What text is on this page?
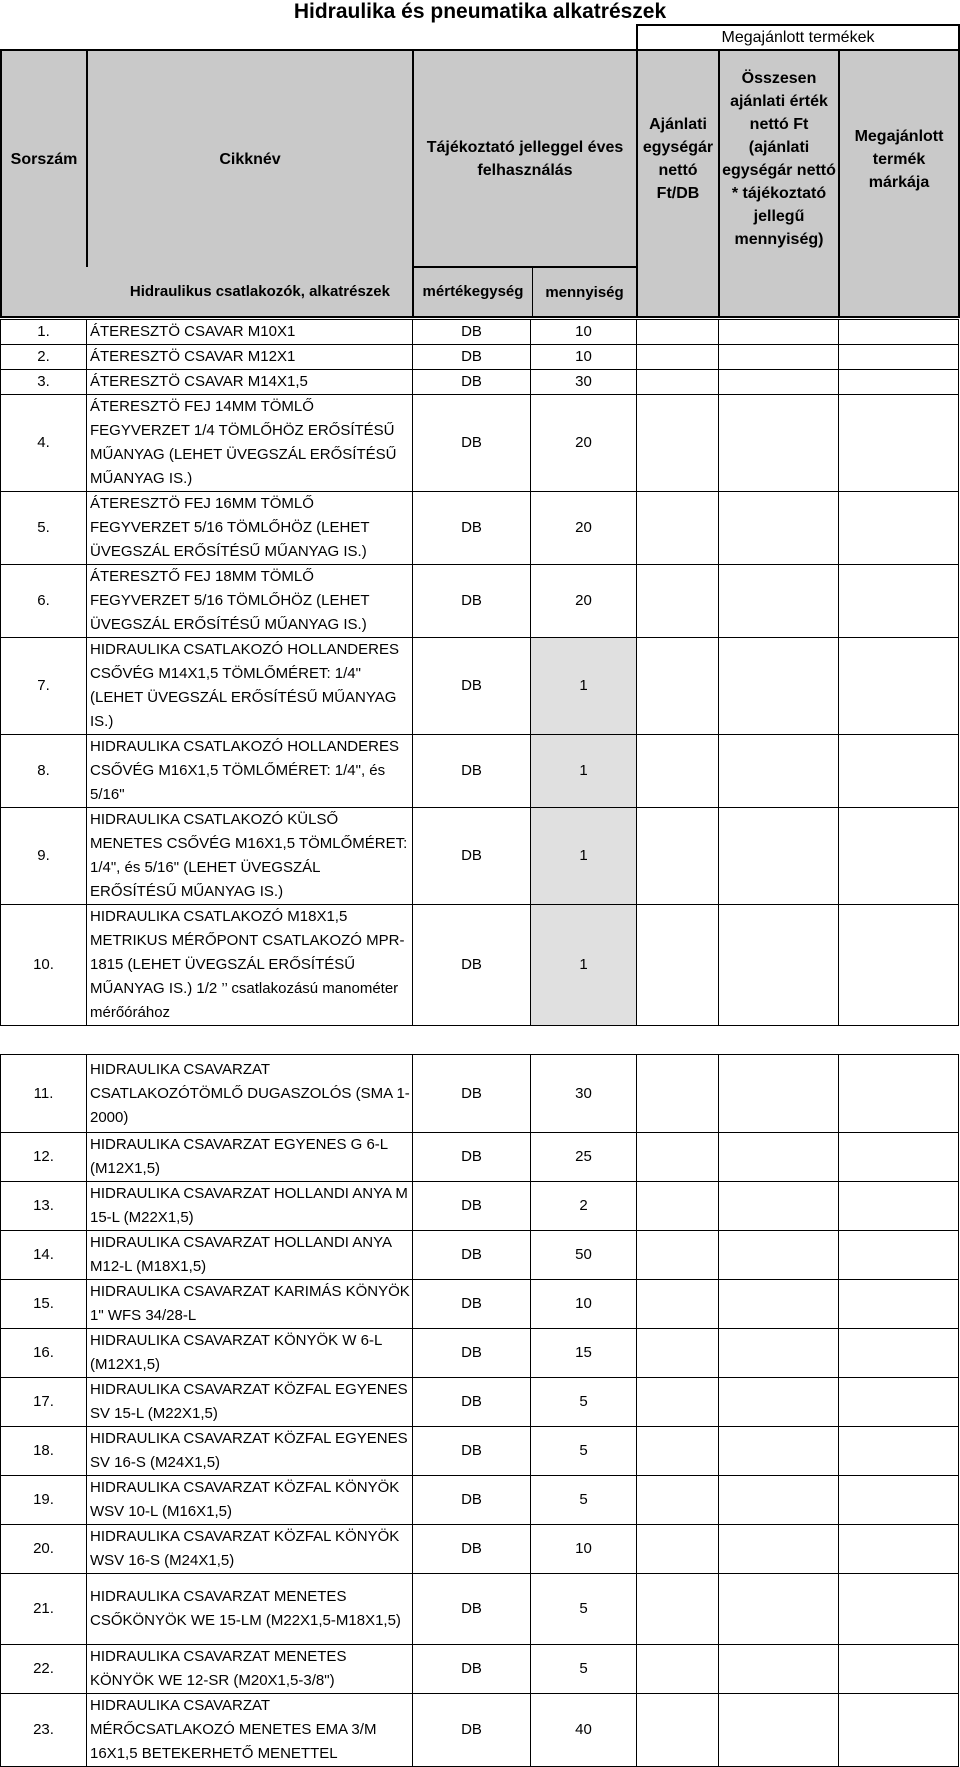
Hidraulika és pneumatika alkatrészek
			Megajánlott termékek		
Sorszám	Cikknév	Tájékoztató jelleggel éves felhasználás	Ajánlati egységár nettó Ft/DB	Összesen ajánlati érték nettó Ft (ajánlati egységár nettó * tájékoztató jellegű mennyiség)	Megajánlott termék márkája
Hidraulikus csatlakozók, alkatrészek		mértékegység mennyiség			

1.	ÁTERESZTÖ CSAVAR M10X1	DB	10			
2.	ÁTERESZTÖ CSAVAR M12X1	DB	10			
3.	ÁTERESZTÖ CSAVAR M14X1,5	DB	30			
4.	ÁTERESZTÖ FEJ 14MM TÖMLŐ FEGYVERZET 1/4 TÖMLŐHÖZ ERŐSÍTÉSŰ MŰANYAG (LEHET ÜVEGSZÁL ERŐSÍTÉSŰ MŰANYAG IS.)	DB	20			
5.	ÁTERESZTÖ FEJ 16MM TÖMLŐ FEGYVERZET 5/16 TÖMLŐHÖZ (LEHET ÜVEGSZÁL ERŐSÍTÉSŰ MŰANYAG IS.)	DB	20			
6.	ÁTERESZTŐ FEJ 18MM TÖMLŐ FEGYVERZET 5/16 TÖMLŐHÖZ (LEHET ÜVEGSZÁL ERŐSÍTÉSŰ MŰANYAG IS.)	DB	20			
7.	HIDRAULIKA CSATLAKOZÓ HOLLANDERES CSŐVÉG M14X1,5 TÖMLŐMÉRET: 1/4" (LEHET ÜVEGSZÁL ERŐSÍTÉSŰ MŰANYAG IS.)	DB	1			
8.	HIDRAULIKA CSATLAKOZÓ HOLLANDERES CSŐVÉG M16X1,5 TÖMLŐMÉRET: 1/4", és 5/16"	DB	1			
9.	HIDRAULIKA CSATLAKOZÓ KÜLSŐ MENETES CSŐVÉG M16X1,5 TÖMLŐMÉRET: 1/4", és 5/16" (LEHET ÜVEGSZÁL ERŐSÍTÉSŰ MŰANYAG IS.)	DB	1			
10.	HIDRAULIKA CSATLAKOZÓ M18X1,5 METRIKUS MÉRŐPONT CSATLAKOZÓ MPR-1815 (LEHET ÜVEGSZÁL ERŐSÍTÉSŰ MŰANYAG IS.) 1/2 ’’ csatlakozású manométer mérőórához	DB	1			

11.	HIDRAULIKA CSAVARZAT CSATLAKOZÓTÖMLŐ DUGASZOLÓS (SMA 1-2000)	DB	30			
12.	HIDRAULIKA CSAVARZAT EGYENES G 6-L (M12X1,5)	DB	25			
13.	HIDRAULIKA CSAVARZAT HOLLANDI ANYA M 15-L (M22X1,5)	DB	2			
14.	HIDRAULIKA CSAVARZAT HOLLANDI ANYA M12-L (M18X1,5)	DB	50			
15.	HIDRAULIKA CSAVARZAT KARIMÁS KÖNYÖK 1" WFS 34/28-L	DB	10			
16.	HIDRAULIKA CSAVARZAT KÖNYÖK W 6-L (M12X1,5)	DB	15			
17.	HIDRAULIKA CSAVARZAT KÖZFAL EGYENES SV 15-L (M22X1,5)	DB	5			
18.	HIDRAULIKA CSAVARZAT KÖZFAL EGYENES SV 16-S (M24X1,5)	DB	5			
19.	HIDRAULIKA CSAVARZAT KÖZFAL KÖNYÖK WSV 10-L (M16X1,5)	DB	5			
20.	HIDRAULIKA CSAVARZAT KÖZFAL KÖNYÖK WSV 16-S (M24X1,5)	DB	10			
21.	HIDRAULIKA CSAVARZAT MENETES CSŐKÖNYÖK WE 15-LM (M22X1,5-M18X1,5)	DB	5			
22.	HIDRAULIKA CSAVARZAT MENETES KÖNYÖK WE 12-SR (M20X1,5-3/8")	DB	5			
23.	HIDRAULIKA CSAVARZAT MÉRŐCSATLAKOZÓ MENETES EMA 3/M 16X1,5 BETEKERHETŐ MENETTEL	DB	40			
